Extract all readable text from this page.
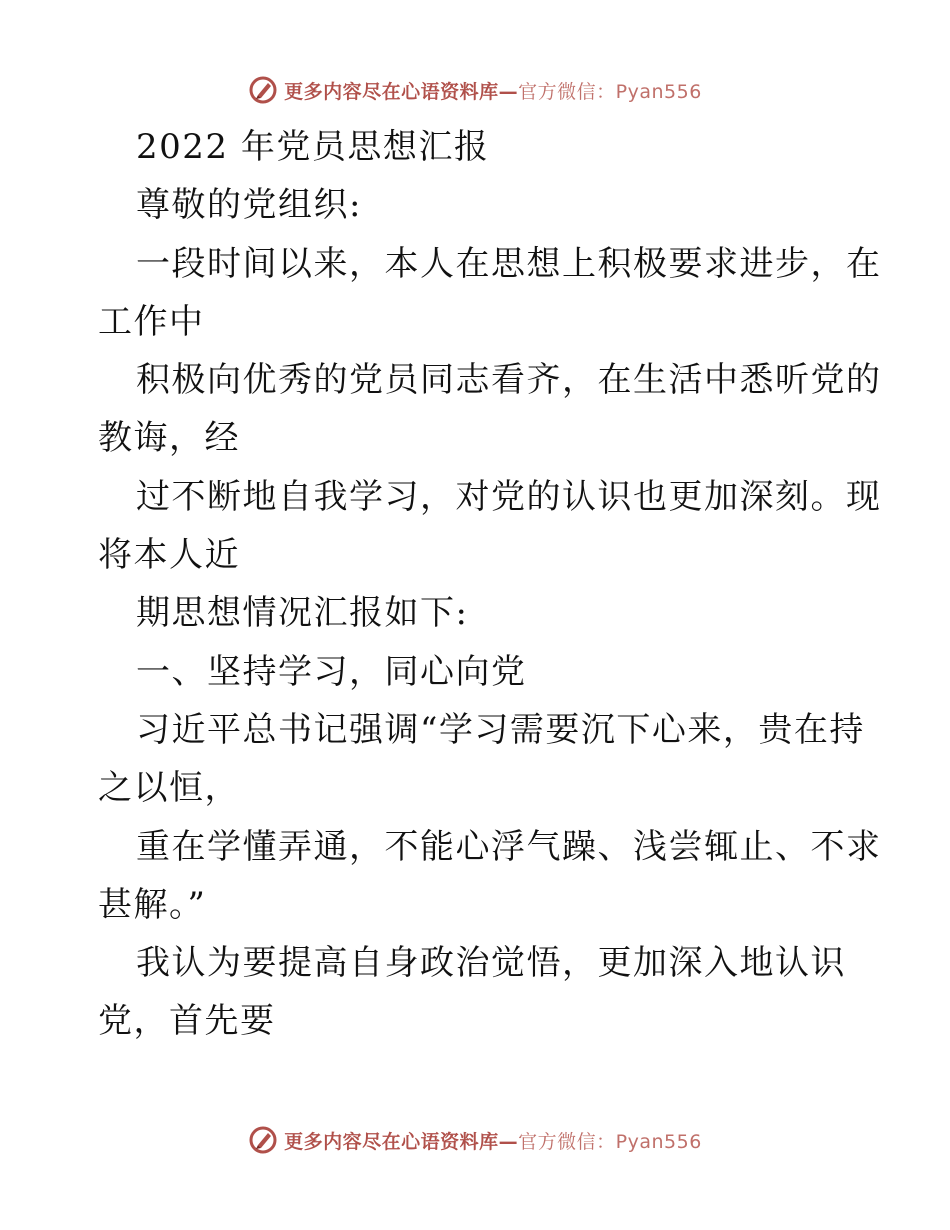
更多内容尽在心语资料库—官方微信：Pyan556
2022 年党员思想汇报
尊敬的党组织:
一段时间以来，本人在思想上积极要求进步，在
工作中
积极向优秀的党员同志看齐，在生活中悉听党的
教诲，经
过不断地自我学习，对党的认识也更加深刻。现
将本人近
期思想情况汇报如下:
一、坚持学习，同心向党
习近平总书记强调“学习需要沉下心来，贵在持
之以恒，
重在学懂弄通，不能心浮气躁、浅尝辄止、不求
甚解。”
我认为要提高自身政治觉悟，更加深入地认识
党，首先要
更多内容尽在心语资料库—官方微信：Pyan556
